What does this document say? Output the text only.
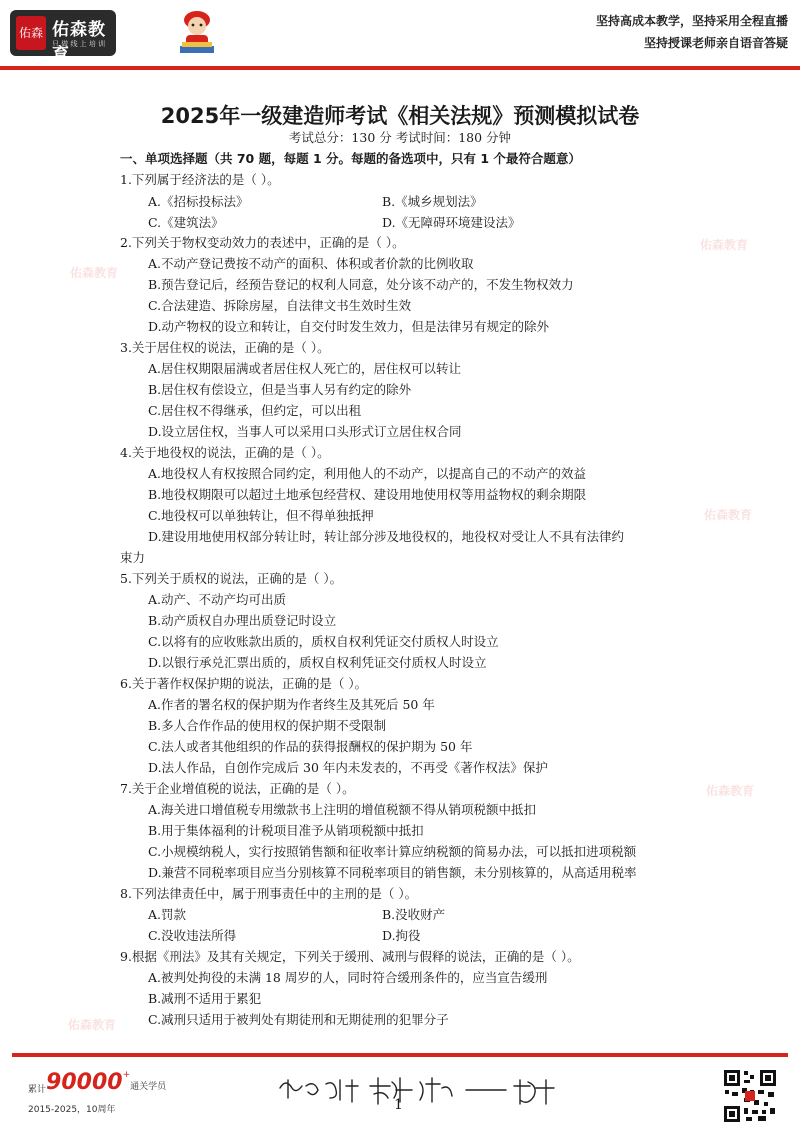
佑森 佑森教育
只 做 线 上 培 训
坚持高成本教学，坚持采用全程直播
坚持授课老师亲自语音答疑
佑森教育
佑森教育
佑森教育
佑森教育
佑森教育
2025年一级建造师考试《相关法规》预测模拟试卷
考试总分：130 分 考试时间：180 分钟
一、单项选择题（共 70 题，每题 1 分。每题的备选项中，只有 1 个最符合题意）
1.下列属于经济法的是（ ）。
A.《招标投标法》	B.《城乡规划法》
C.《建筑法》	D.《无障碍环境建设法》
2.下列关于物权变动效力的表述中，正确的是（ ）。
A.不动产登记费按不动产的面积、体积或者价款的比例收取
B.预告登记后，经预告登记的权利人同意，处分该不动产的，不发生物权效力
C.合法建造、拆除房屋，自法律文书生效时生效
D.动产物权的设立和转让，自交付时发生效力，但是法律另有规定的除外
3.关于居住权的说法，正确的是（ ）。
A.居住权期限届满或者居住权人死亡的，居住权可以转让
B.居住权有偿设立，但是当事人另有约定的除外
C.居住权不得继承，但约定，可以出租
D.设立居住权，当事人可以采用口头形式订立居住权合同
4.关于地役权的说法，正确的是（ ）。
A.地役权人有权按照合同约定，利用他人的不动产，以提高自己的不动产的效益
B.地役权期限可以超过土地承包经营权、建设用地使用权等用益物权的剩余期限
C.地役权可以单独转让，但不得单独抵押
D.建设用地使用权部分转让时，转让部分涉及地役权的，地役权对受让人不具有法律约
束力
5.下列关于质权的说法，正确的是（ ）。
A.动产、不动产均可出质
B.动产质权自办理出质登记时设立
C.以将有的应收账款出质的，质权自权利凭证交付质权人时设立
D.以银行承兑汇票出质的，质权自权利凭证交付质权人时设立
6.关于著作权保护期的说法，正确的是（ ）。
A.作者的署名权的保护期为作者终生及其死后 50 年
B.多人合作作品的使用权的保护期不受限制
C.法人或者其他组织的作品的获得报酬权的保护期为 50 年
D.法人作品，自创作完成后 30 年内未发表的，不再受《著作权法》保护
7.关于企业增值税的说法，正确的是（ ）。
A.海关进口增值税专用缴款书上注明的增值税额不得从销项税额中抵扣
B.用于集体福利的计税项目准予从销项税额中抵扣
C.小规模纳税人，实行按照销售额和征收率计算应纳税额的简易办法，可以抵扣进项税额
D.兼营不同税率项目应当分别核算不同税率项目的销售额，未分别核算的，从高适用税率
8.下列法律责任中，属于刑事责任中的主刑的是（ ）。
A.罚款	B.没收财产
C.没收违法所得	D.拘役
9.根据《刑法》及其有关规定，下列关于缓刑、减刑与假释的说法，正确的是（ ）。
A.被判处拘役的未满 18 周岁的人，同时符合缓刑条件的，应当宣告缓刑
B.减刑不适用于累犯
C.减刑只适用于被判处有期徒刑和无期徒刑的犯罪分子
累计90000+通关学员
2015-2025，10周年	1
